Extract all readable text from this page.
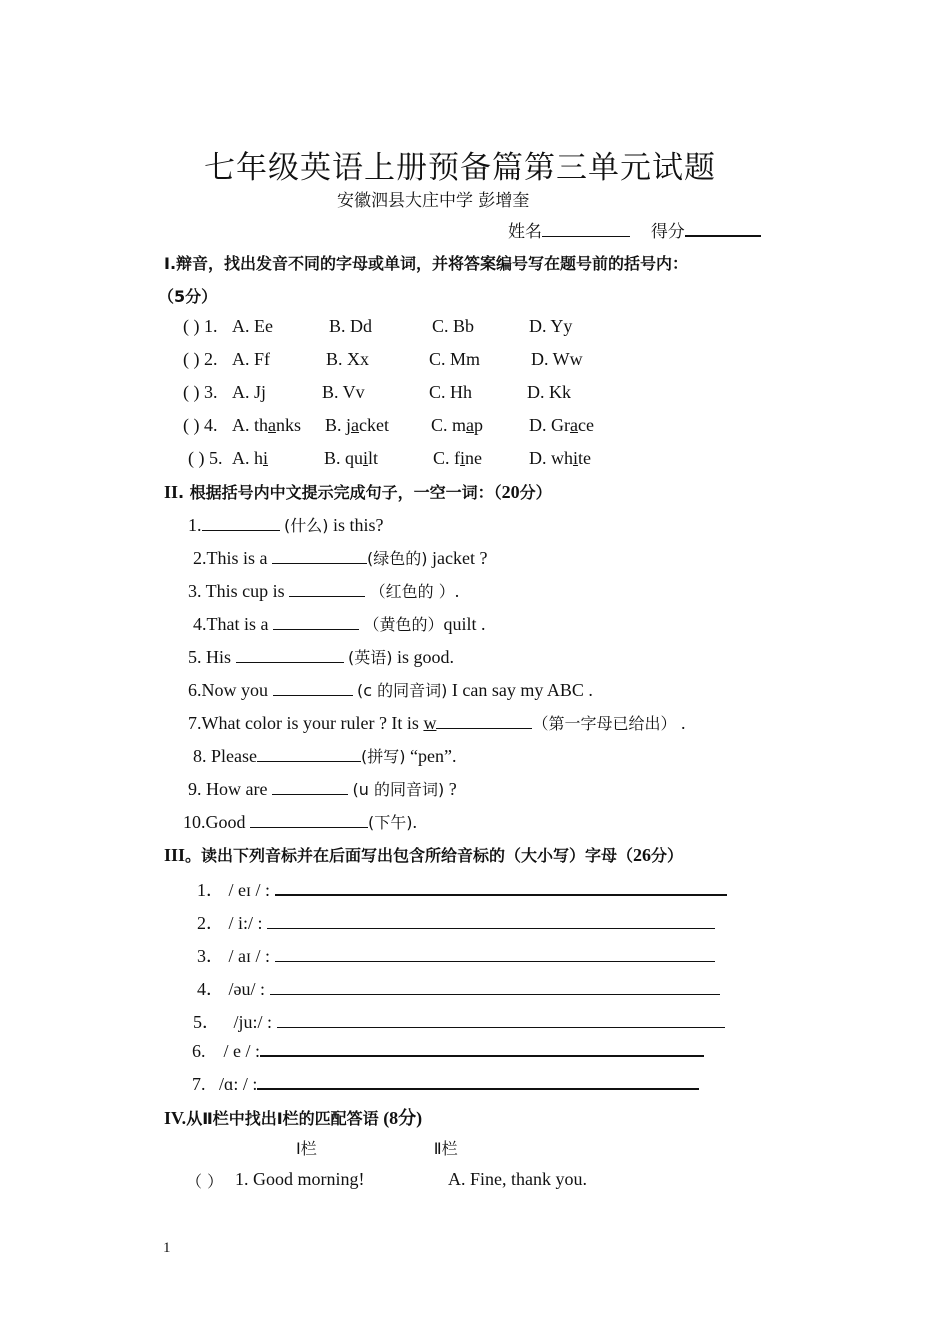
七年级英语上册预备篇第三单元试题
安徽泗县大庄中学 彭增奎
姓名	得分
I.辩音，找出发音不同的字母或单词，并将答案编号写在题号前的括号内：
（5分）
( ) 1. A. Ee	B. Dd	C. Bb	D. Yy
( ) 2. A. Ff	B. Xx	C. Mm	D. Ww
( ) 3. A. Jj	B. Vv	C. Hh	D. Kk
( ) 4. A. thanks B. jacket C. map	D. Grace
( ) 5. A. hi	B. quilt	C. fine	D. white
II. 根据括号内中文提示完成句子，一空一词：（20分）
1.	(什么) is this?
2.This is a	(绿色的) jacket ?
3. This cup is	（红色的 ）.
4.That is a	（黄色的）quilt .
5. His	(英语) is good.
6.Now you	(c 的同音词) I can say my ABC .
7.What color is your ruler ? It is w	（第一字母已给出） .
8. Please	(拼写) “pen”.
9. How are	(u 的同音词) ?
10.Good	(下午).
III。读出下列音标并在后面写出包含所给音标的（大小写）字母（26分）
1． / eɪ / :
2． / i:/ :
3． / aɪ / :
4． /əu/ :
5． /ju:/ :
6. / e / :
7. /ɑ: / :
IV.从Ⅱ栏中找出Ⅰ栏的匹配答语 (8分)
Ⅰ栏	Ⅱ栏
（ ） 1. Good morning!	A. Fine, thank you.
1
